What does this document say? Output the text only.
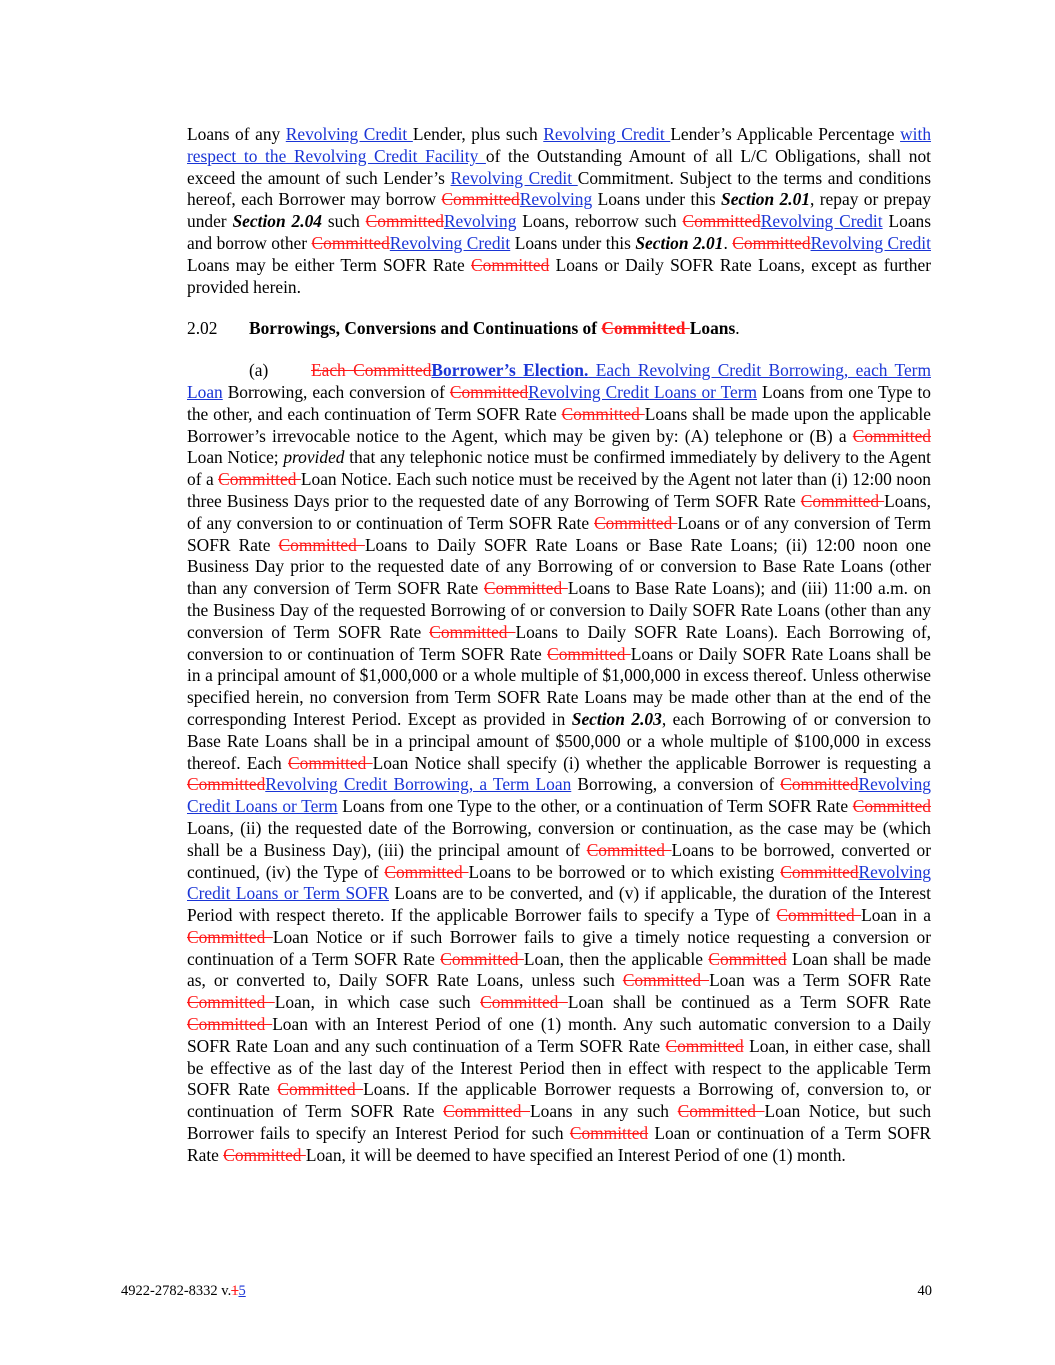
Loans of any Revolving Credit Lender, plus such Revolving Credit Lender’s Applicable Percentage with respect to the Revolving Credit Facility of the Outstanding Amount of all L/C Obligations, shall not exceed the amount of such Lender’s Revolving Credit Commitment. Subject to the terms and conditions hereof, each Borrower may borrow CommittedRevolving Loans under this Section 2.01, repay or prepay under Section 2.04 such CommittedRevolving Loans, reborrow such CommittedRevolving Credit Loans and borrow other CommittedRevolving Credit Loans under this Section 2.01. CommittedRevolving Credit Loans may be either Term SOFR Rate Committed Loans or Daily SOFR Rate Loans, except as further provided herein.

2.02 Borrowings, Conversions and Continuations of Committed Loans.

(a) Each CommittedBorrower’s Election. Each Revolving Credit Borrowing, each Term Loan Borrowing, each conversion of CommittedRevolving Credit Loans or Term Loans from one Type to the other, and each continuation of Term SOFR Rate Committed Loans shall be made upon the applicable Borrower’s irrevocable notice to the Agent, which may be given by: (A) telephone or (B) a Committed Loan Notice; provided that any telephonic notice must be confirmed immediately by delivery to the Agent of a Committed Loan Notice. Each such notice must be received by the Agent not later than (i) 12:00 noon three Business Days prior to the requested date of any Borrowing of Term SOFR Rate Committed Loans, of any conversion to or continuation of Term SOFR Rate Committed Loans or of any conversion of Term SOFR Rate Committed Loans to Daily SOFR Rate Loans or Base Rate Loans; (ii) 12:00 noon one Business Day prior to the requested date of any Borrowing of or conversion to Base Rate Loans (other than any conversion of Term SOFR Rate Committed Loans to Base Rate Loans); and (iii) 11:00 a.m. on the Business Day of the requested Borrowing of or conversion to Daily SOFR Rate Loans (other than any conversion of Term SOFR Rate Committed Loans to Daily SOFR Rate Loans). Each Borrowing of, conversion to or continuation of Term SOFR Rate Committed Loans or Daily SOFR Rate Loans shall be in a principal amount of $1,000,000 or a whole multiple of $1,000,000 in excess thereof. Unless otherwise specified herein, no conversion from Term SOFR Rate Loans may be made other than at the end of the corresponding Interest Period. Except as provided in Section 2.03, each Borrowing of or conversion to Base Rate Loans shall be in a principal amount of $500,000 or a whole multiple of $100,000 in excess thereof. Each Committed Loan Notice shall specify (i) whether the applicable Borrower is requesting a CommittedRevolving Credit Borrowing, a Term Loan Borrowing, a conversion of CommittedRevolving Credit Loans or Term Loans from one Type to the other, or a continuation of Term SOFR Rate Committed Loans, (ii) the requested date of the Borrowing, conversion or continuation, as the case may be (which shall be a Business Day), (iii) the principal amount of Committed Loans to be borrowed, converted or continued, (iv) the Type of Committed Loans to be borrowed or to which existing CommittedRevolving Credit Loans or Term SOFR Loans are to be converted, and (v) if applicable, the duration of the Interest Period with respect thereto. If the applicable Borrower fails to specify a Type of Committed Loan in a Committed Loan Notice or if such Borrower fails to give a timely notice requesting a conversion or continuation of a Term SOFR Rate Committed Loan, then the applicable Committed Loan shall be made as, or converted to, Daily SOFR Rate Loans, unless such Committed Loan was a Term SOFR Rate Committed Loan, in which case such Committed Loan shall be continued as a Term SOFR Rate Committed Loan with an Interest Period of one (1) month. Any such automatic conversion to a Daily SOFR Rate Loan and any such continuation of a Term SOFR Rate Committed Loan, in either case, shall be effective as of the last day of the Interest Period then in effect with respect to the applicable Term SOFR Rate Committed Loans. If the applicable Borrower requests a Borrowing of, conversion to, or continuation of Term SOFR Rate Committed Loans in any such Committed Loan Notice, but such Borrower fails to specify an Interest Period for such Committed Loan or continuation of a Term SOFR Rate Committed Loan, it will be deemed to have specified an Interest Period of one (1) month.

4922-2782-8332 v.15	40
